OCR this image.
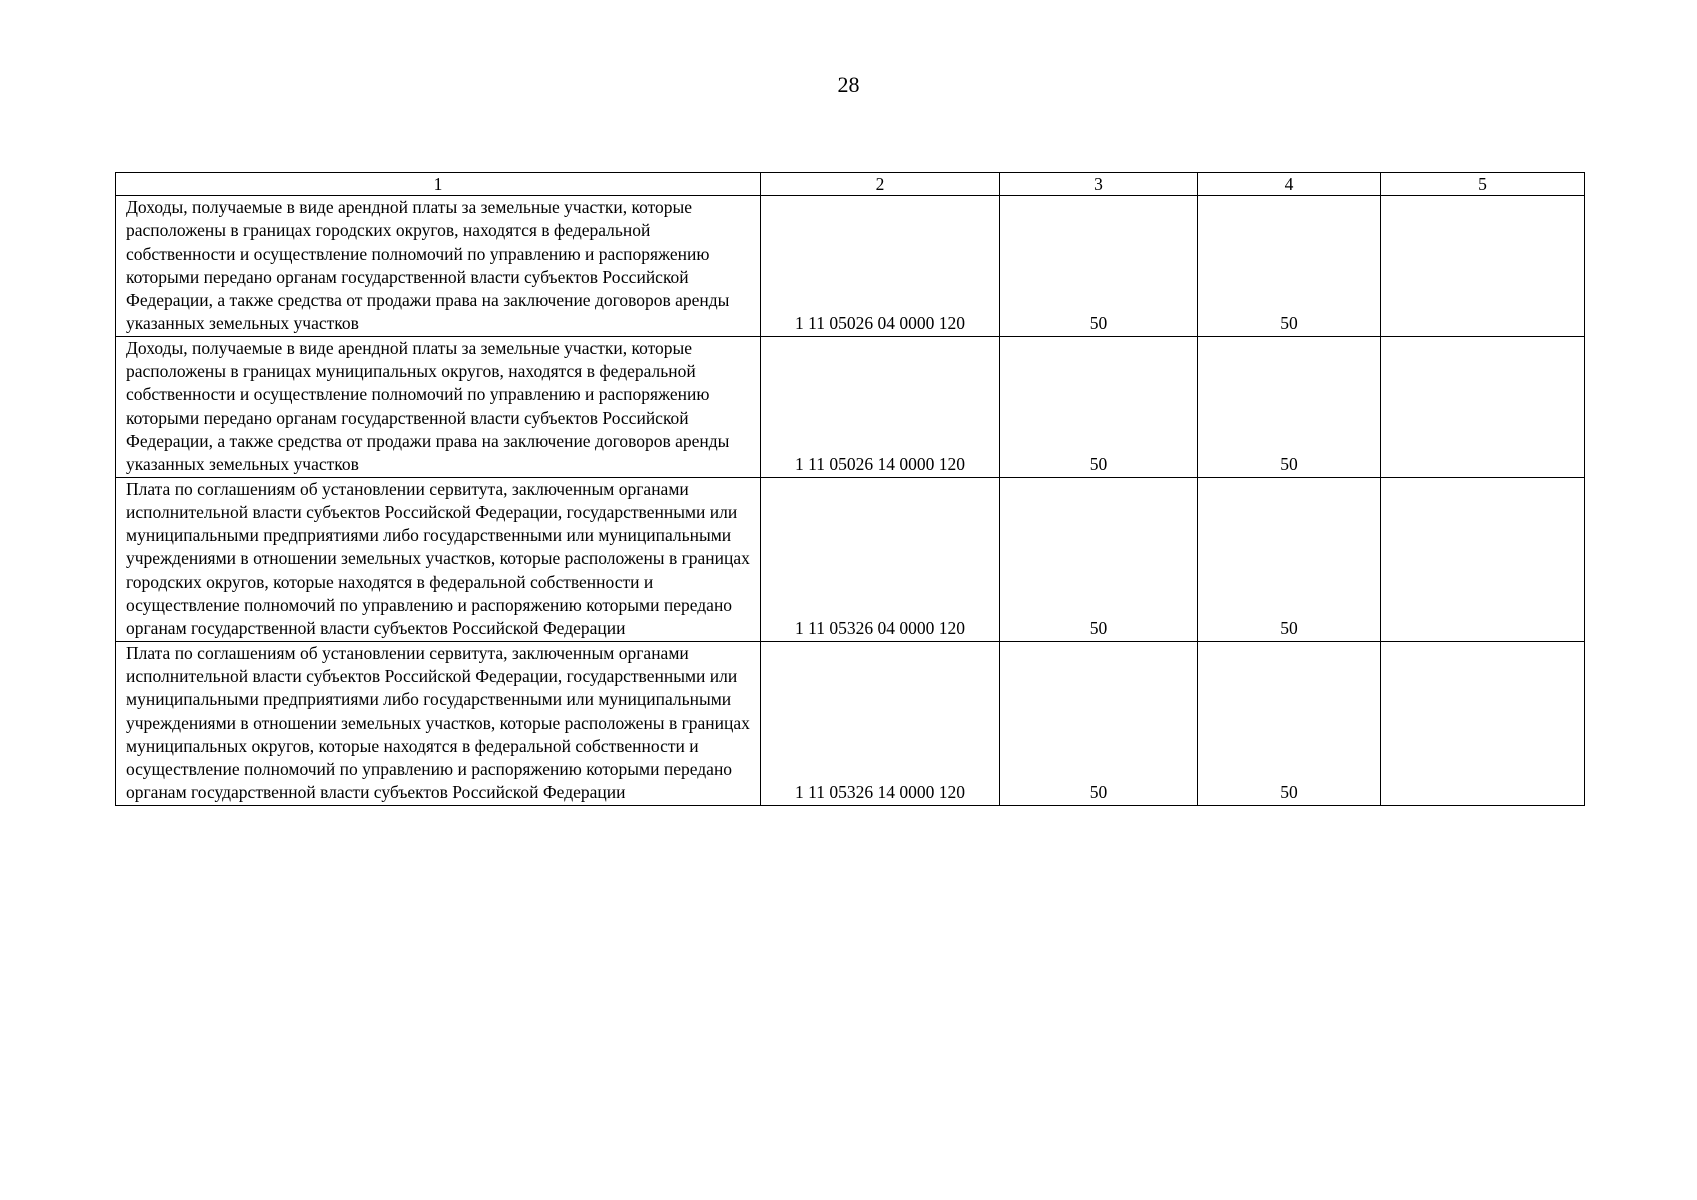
28
1	2	3	4	5
Доходы, получаемые в виде арендной платы за земельные участки, которые расположены в границах городских округов, находятся в федеральной собственности и осуществление полномочий по управлению и распоряжению которыми передано органам государственной власти субъектов Российской Федерации, а также средства от продажи права на заключение договоров аренды указанных земельных участков	1 11 05026 04 0000 120	50	50	
Доходы, получаемые в виде арендной платы за земельные участки, которые расположены в границах муниципальных округов, находятся в федеральной собственности и осуществление полномочий по управлению и распоряжению которыми передано органам государственной власти субъектов Российской Федерации, а также средства от продажи права на заключение договоров аренды указанных земельных участков	1 11 05026 14 0000 120	50	50	
Плата по соглашениям об установлении сервитута, заключенным органами исполнительной власти субъектов Российской Федерации, государственными или муниципальными предприятиями либо государственными или муниципальными учреждениями в отношении земельных участков, которые расположены в границах городских округов, которые находятся в федеральной собственности и осуществление полномочий по управлению и распоряжению которыми передано органам государственной власти субъектов Российской Федерации	1 11 05326 04 0000 120	50	50	
Плата по соглашениям об установлении сервитута, заключенным органами исполнительной власти субъектов Российской Федерации, государственными или муниципальными предприятиями либо государственными или муниципальными учреждениями в отношении земельных участков, которые расположены в границах муниципальных округов, которые находятся в федеральной собственности и осуществление полномочий по управлению и распоряжению которыми передано органам государственной власти субъектов Российской Федерации	1 11 05326 14 0000 120	50	50	
